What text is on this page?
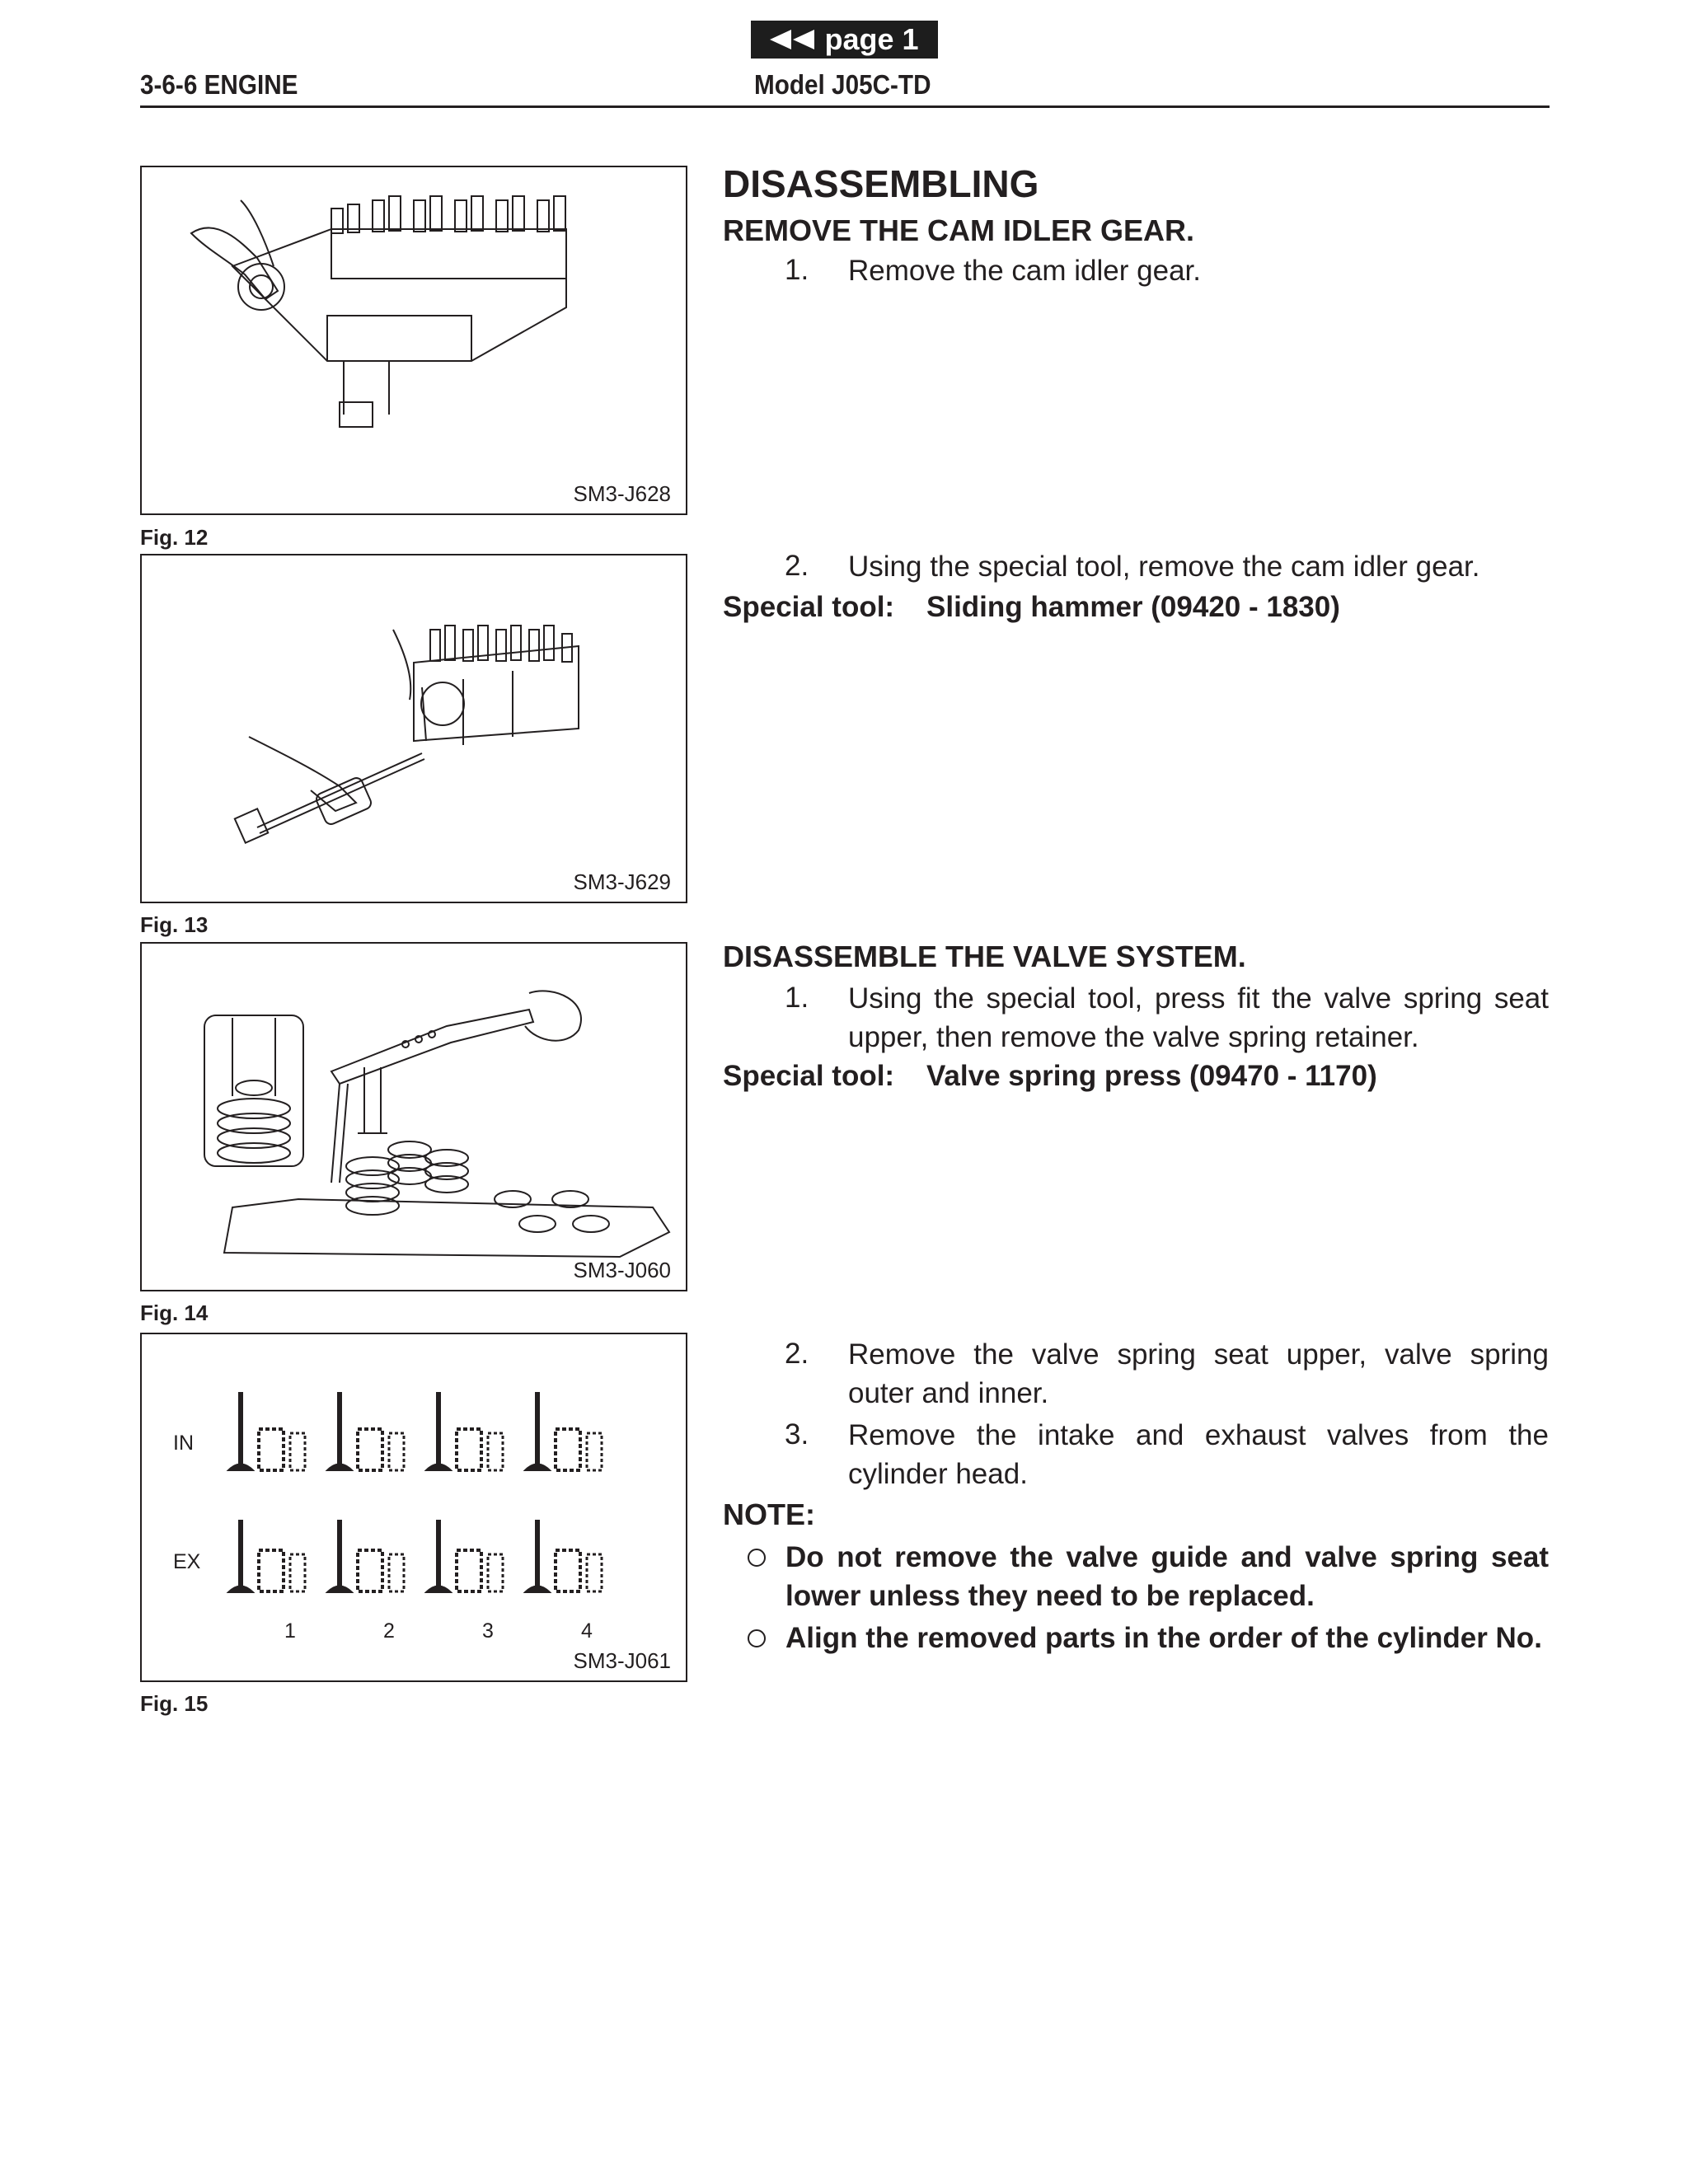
page 1
3-6-6 ENGINE	Model J05C-TD
SM3-J628
Fig. 12
SM3-J629
Fig. 13
SM3-J060
Fig. 14
IN
EX
1	2	3	4
SM3-J061
Fig. 15
DISASSEMBLING
REMOVE THE CAM IDLER GEAR.
1. Remove the cam idler gear.
2. Using the special tool, remove the cam idler gear.
Special tool: Sliding hammer (09420 - 1830)
DISASSEMBLE THE VALVE SYSTEM.
1. Using the special tool, press fit the valve spring seat upper, then remove the valve spring retainer.
Special tool: Valve spring press (09470 - 1170)
2. Remove the valve spring seat upper, valve spring outer and inner.
3. Remove the intake and exhaust valves from the cylinder head.
NOTE:
Do not remove the valve guide and valve spring seat lower unless they need to be replaced.
Align the removed parts in the order of the cylinder No.
